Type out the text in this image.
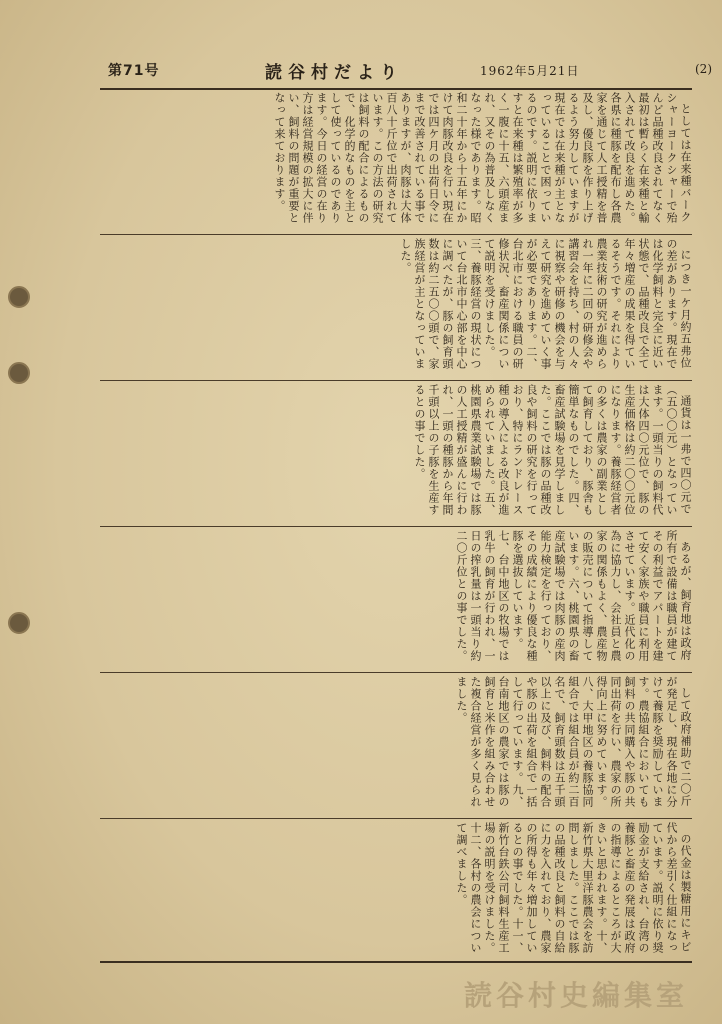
第71号	読谷村だより	1962年5月21日	(2)

としては在来種バークシャーヨークシャーで殆んど品種改良されてなく最初は暫らく在来種と輸入されて改良を進めた。各県に種豚を配布し各農家を通じて人工授精を普及し、優良豚を作り上げるよう努力していますが現在では在来種が主となっていることで困っているのです。説明に依りますと在来種は繁殖率が多く一腹に十五、六頭産まれ、又その為普及しなくなった様であります。昭和二十年から十五年にかけて肉豚改良を行い現在では四ケ月の出荷日令にまで改善されている事でありますが、肉豚は大体百八十斤位で出荷されています。この方法の研究は飼料の配合によるもので、化学的なものを主として使っているのであります。今日の経営の在り方は経営規模の拡大に伴い、飼料の問題が重要となって来ております。

につき一ケ月約五弗位の差があります。現在では化学飼料と完全に近い状態で、品種改良で全て年々増産の成果を得ているそうです。それにより農業技術の研究が進められ一年に二回の研修会や講習会を持ち、村の人々に視察や研修の機会を与えて研究を進めていく事が必要であります。二、台北市における職員の研修状況、畜産関係について説明を受けました。三、養豚経営の現状について台北市中心部を中心に調べたが、豚の飼育頭数は約二五〇〇頭で、家族経営が主となっていました。

通貨は一弗で四〇元で（五〇〇元）となっています。一頭当りの飼料代は大体四〇元位で、豚の生産価格は約二〇〇元位になります。養豚経営者の多くは農家の副業として飼育しており、豚舎も簡単なものでした。四、畜産試験場を見学しました。ここでは豚の品種改良や飼料の研究を行っており、特にランドレース種の導入による改良が進められていました。五、桃園県農業試験場では豚の人工授精が盛んに行われ、一頭の種豚から年間千頭以上の子豚を生産するとの事でした。

あるが、飼育地は政府所有で設備は職員が建てその利益でアパートを建て安く家族や職員に利用させています。近代化の為に協力し、会社員と農家の関係もよく、農産物の販売について指導しています。六、桃園県の畜産試験場では肉豚の産肉能力検定を行っており、その成績により優良な種豚を選抜しています。七、台中地区の牧場では乳牛の飼育が行われ、一日の搾乳量は一頭当り約二〇斤位との事でした。

して政府補助で二〇斤が発足し、現在各地に分けて養豚を奨励しています。農協組合においても飼料の共同購入や豚の共同出荷を行い、農家の所得向上に努めています。八、大甲地区の養豚協同組合では組合員が約二百名で、飼育頭数は五千頭以上に及び、飼料の配合や豚の出荷を組合で一括して行っています。九、台南地区の農家では豚の飼育と米作を組み合わせた複合経営が多く見られました。

の代金は製糖用にキビ代から差引く仕組になっています。説明に依り奨励金が支給され、台湾の養豚と畜産の発展は政府の指導によるところが大きいと思われます。十、新竹県大里洋豚農会を訪問しました。ここでは豚の品種改良と飼料の自給に力を入れており、農家の所得も年々増加しているとの事でした。十一、新竹台鉄公司飼料生産工場の説明を受けました。十二、各村の農会について調べました。

読谷村史編集室
